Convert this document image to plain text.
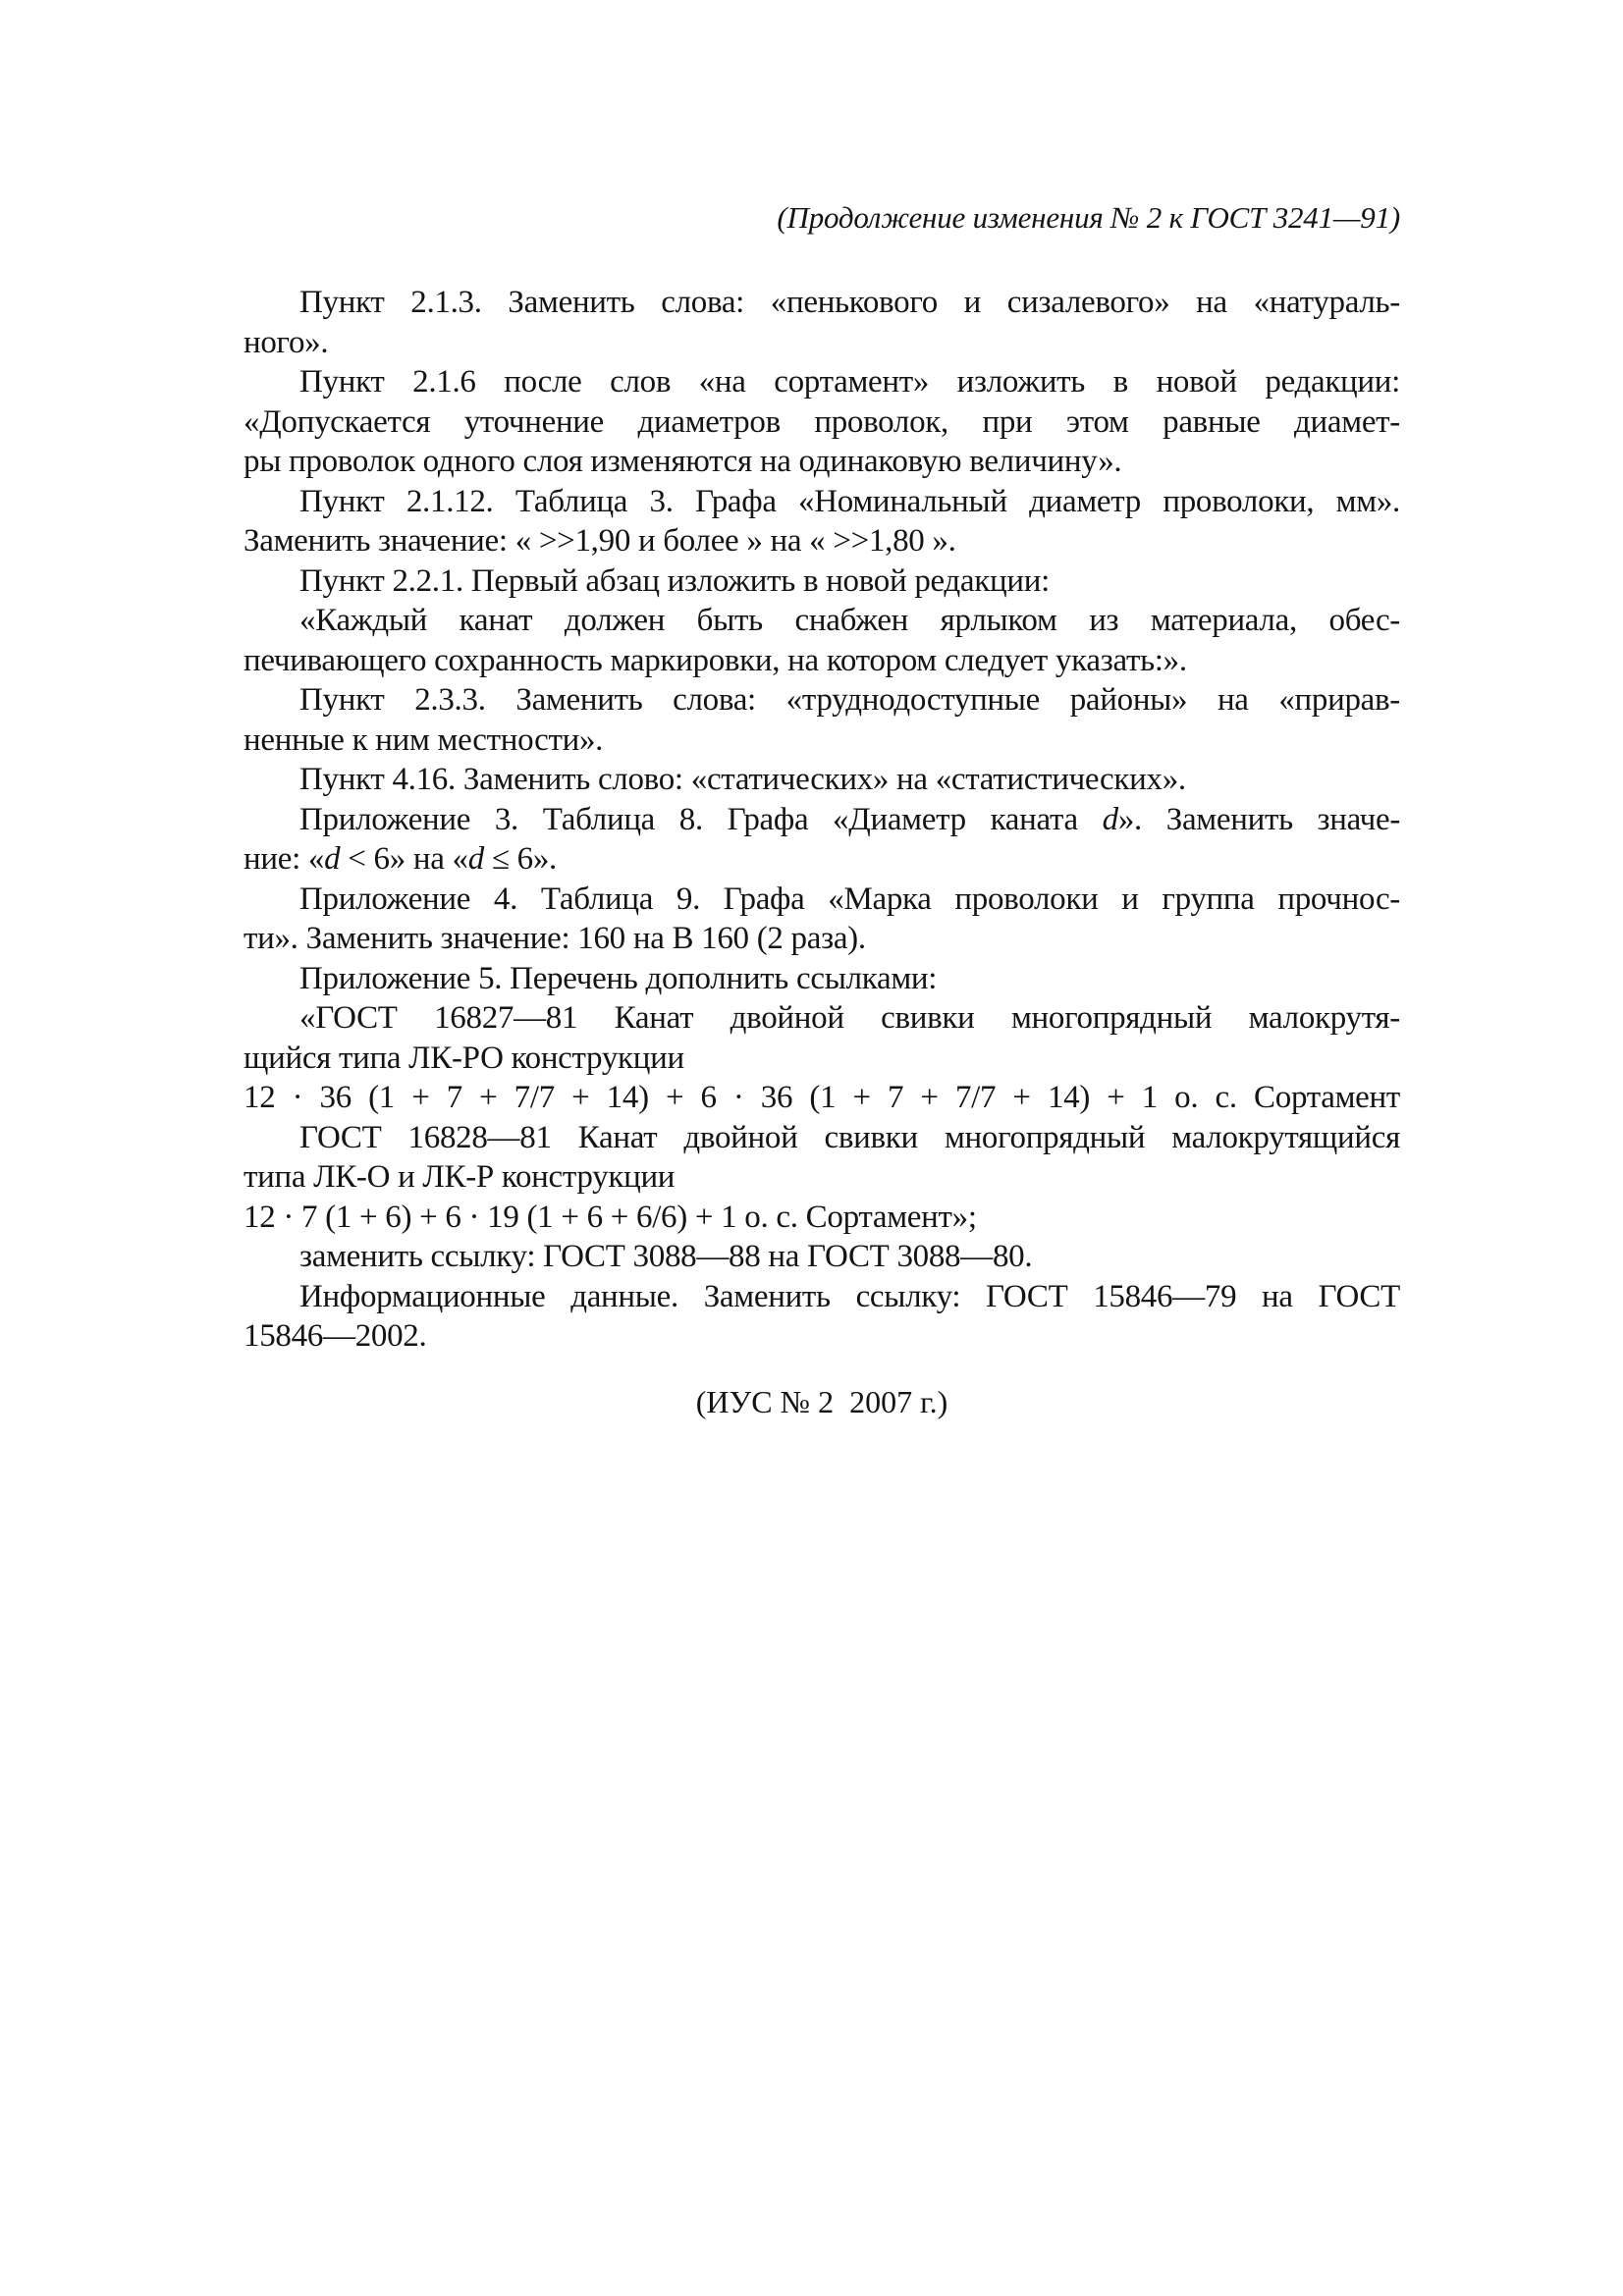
(Продолжение изменения № 2 к ГОСТ 3241—91)
Пункт 2.1.3. Заменить слова: «пенькового и сизалевого» на «натураль-
ного».
Пункт 2.1.6 после слов «на сортамент» изложить в новой редакции:
«Допускается уточнение диаметров проволок, при этом равные диамет-
ры проволок одного слоя изменяются на одинаковую величину».
Пункт 2.1.12. Таблица 3. Графа «Номинальный диаметр проволоки, мм».
Заменить значение: « >>1,90 и более » на « >>1,80 ».
Пункт 2.2.1. Первый абзац изложить в новой редакции:
«Каждый канат должен быть снабжен ярлыком из материала, обес-
печивающего сохранность маркировки, на котором следует указать:».
Пункт 2.3.3. Заменить слова: «труднодоступные районы» на «прирав-
ненные к ним местности».
Пункт 4.16. Заменить слово: «статических» на «статистических».
Приложение 3. Таблица 8. Графа «Диаметр каната d». Заменить значе-
ние: «d < 6» на «d ≤ 6».
Приложение 4. Таблица 9. Графа «Марка проволоки и группа прочнос-
ти». Заменить значение: 160 на В 160 (2 раза).
Приложение 5. Перечень дополнить ссылками:
«ГОСТ 16827—81 Канат двойной свивки многопрядный малокрутя-
щийся типа ЛК-РО конструкции
12 · 36 (1 + 7 + 7/7 + 14) + 6 · 36 (1 + 7 + 7/7 + 14) + 1 о. с. Сортамент
ГОСТ 16828—81 Канат двойной свивки многопрядный малокрутящийся
типа ЛК-О и ЛК-Р конструкции
12 · 7 (1 + 6) + 6 · 19 (1 + 6 + 6/6) + 1 о. с. Сортамент»;
заменить ссылку: ГОСТ 3088—88 на ГОСТ 3088—80.
Информационные данные. Заменить ссылку: ГОСТ 15846—79 на ГОСТ
15846—2002.
(ИУС № 2  2007 г.)
